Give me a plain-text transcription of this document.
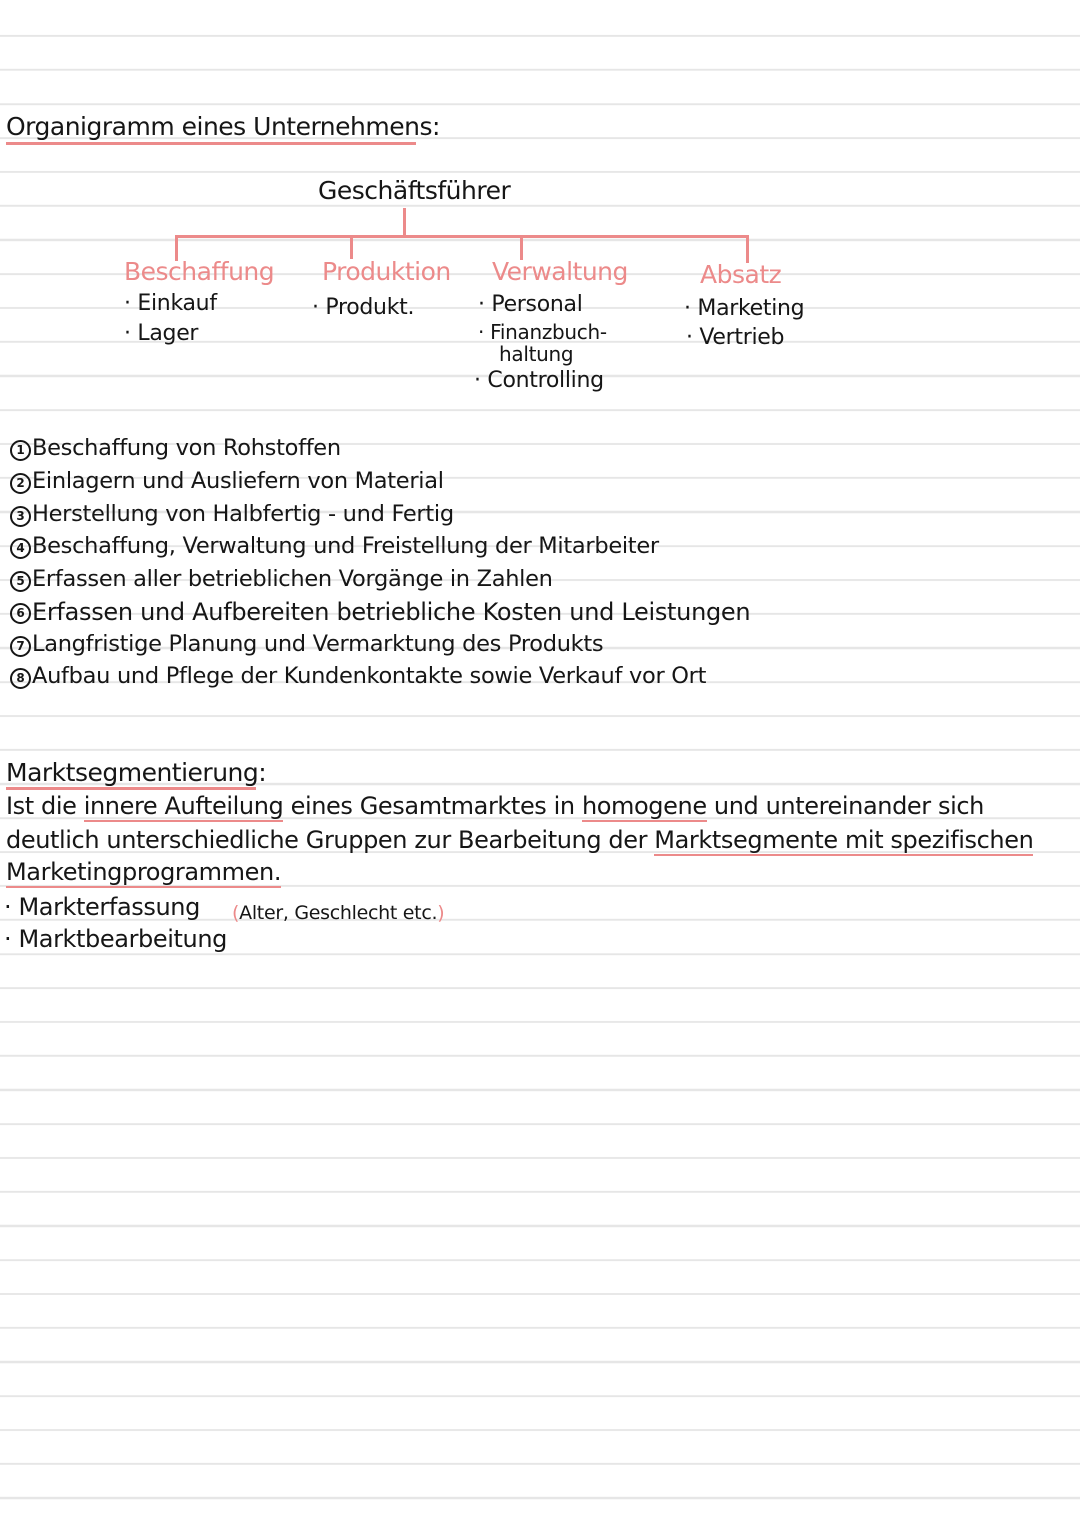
Organigramm eines Unternehmens:
Geschäftsführer
Beschaffung
· Einkauf
· Lager
Produktion
· Produkt.
Verwaltung
· Personal
· Finanzbuch-
haltung
· Controlling
Absatz
· Marketing
· Vertrieb
1 Beschaffung von Rohstoffen
2 Einlagern und Ausliefern von Material
3 Herstellung von Halbfertig - und Fertig
4 Beschaffung, Verwaltung und Freistellung der Mitarbeiter
5 Erfassen aller betrieblichen Vorgänge in Zahlen
6 Erfassen und Aufbereiten betriebliche Kosten und Leistungen
7 Langfristige Planung und Vermarktung des Produkts
8 Aufbau und Pflege der Kundenkontakte sowie Verkauf vor Ort
Marktsegmentierung:
Ist die innere Aufteilung eines Gesamtmarktes in homogene und untereinander sich
deutlich unterschiedliche Gruppen zur Bearbeitung der Marktsegmente mit spezifischen
Marketingprogrammen.
· Markterfassung
· Marktbearbeitung
(Alter, Geschlecht etc.)
